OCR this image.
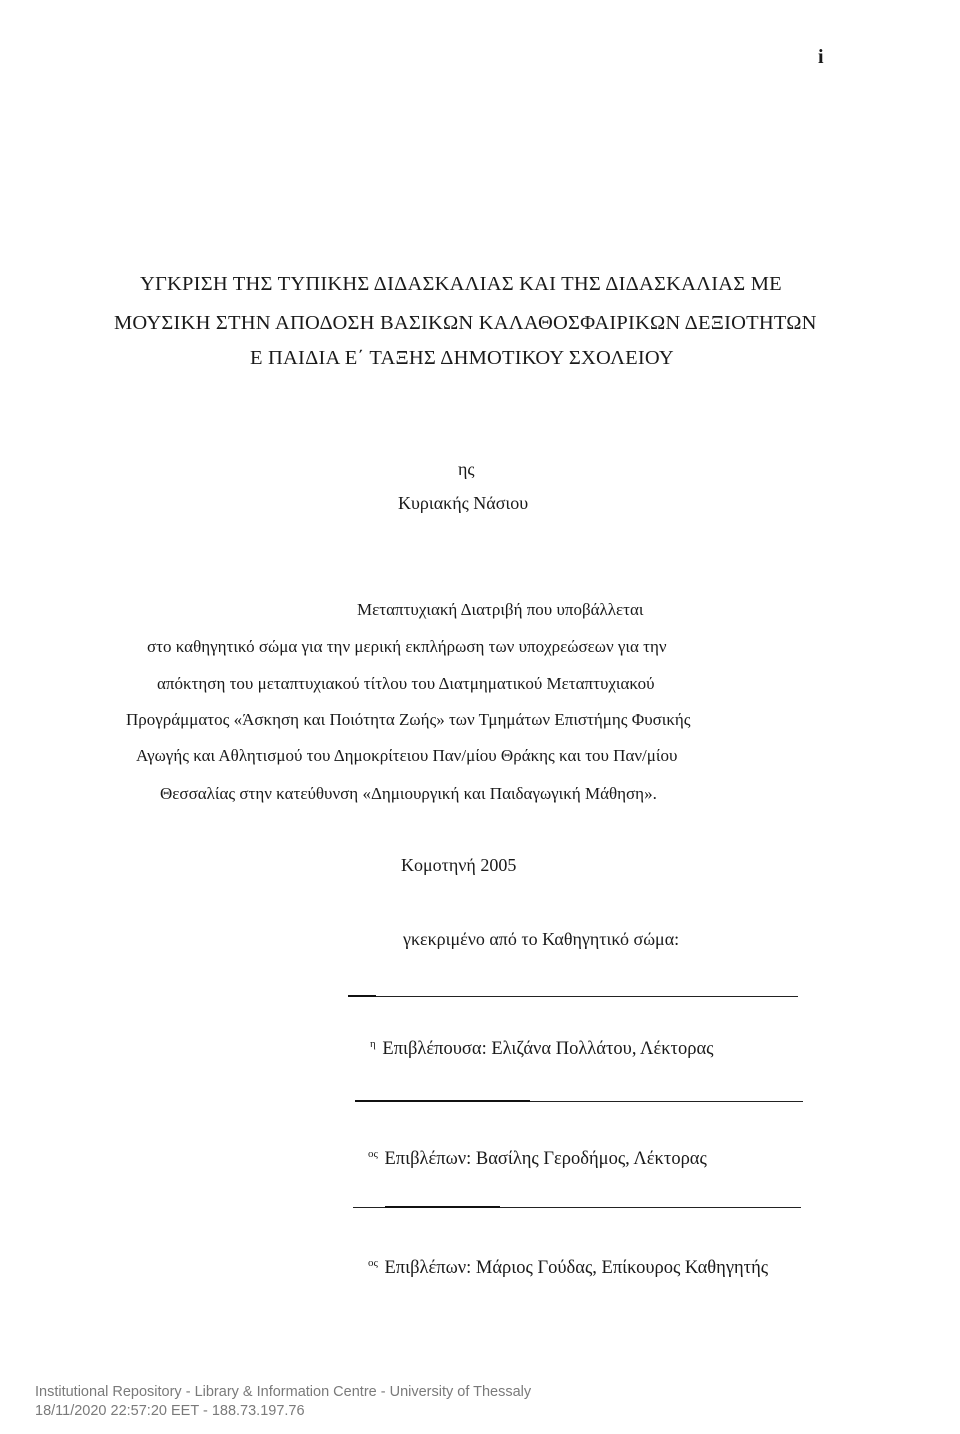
i
ΥΓΚΡΙΣΗ ΤΗΣ ΤΥΠΙΚΗΣ ΔΙΔΑΣΚΑΛΙΑΣ ΚΑΙ ΤΗΣ ΔΙΔΑΣΚΑΛΙΑΣ ΜΕ
ΜΟΥΣΙΚΗ ΣΤΗΝ ΑΠΟΔΟΣΗ ΒΑΣΙΚΩΝ ΚΑΛΑΘΟΣΦΑΙΡΙΚΩΝ ΔΕΞΙΟΤΗΤΩΝ
Ε ΠΑΙΔΙΑ Ε΄ ΤΑΞΗΣ ΔΗΜΟΤΙΚΟΥ ΣΧΟΛΕΙΟΥ
ης
Κυριακής Νάσιου
Μεταπτυχιακή Διατριβή που υποβάλλεται
στο καθηγητικό σώμα για την μερική εκπλήρωση των υποχρεώσεων για την
απόκτηση του μεταπτυχιακού τίτλου του Διατμηματικού Μεταπτυχιακού
Προγράμματος «Άσκηση και Ποιότητα Ζωής» των Τμημάτων Επιστήμης Φυσικής
Αγωγής και Αθλητισμού του Δημοκρίτειου Παν/μίου Θράκης και του Παν/μίου
Θεσσαλίας στην κατεύθυνση «Δημιουργική και Παιδαγωγική Μάθηση».
Κομοτηνή 2005
γκεκριμένο από το Καθηγητικό σώμα:
$^\eta$ Επιβλέπουσα: Ελιζάνα Πολλάτου, Λέκτορας
$^{o\varsigma}$ Επιβλέπων: Βασίλης Γεροδήμος, Λέκτορας
$^{o\varsigma}$ Επιβλέπων: Μάριος Γούδας, Επίκουρος Καθηγητής
Institutional Repository - Library & Information Centre - University of Thessaly
18/11/2020 22:57:20 EET - 188.73.197.76
